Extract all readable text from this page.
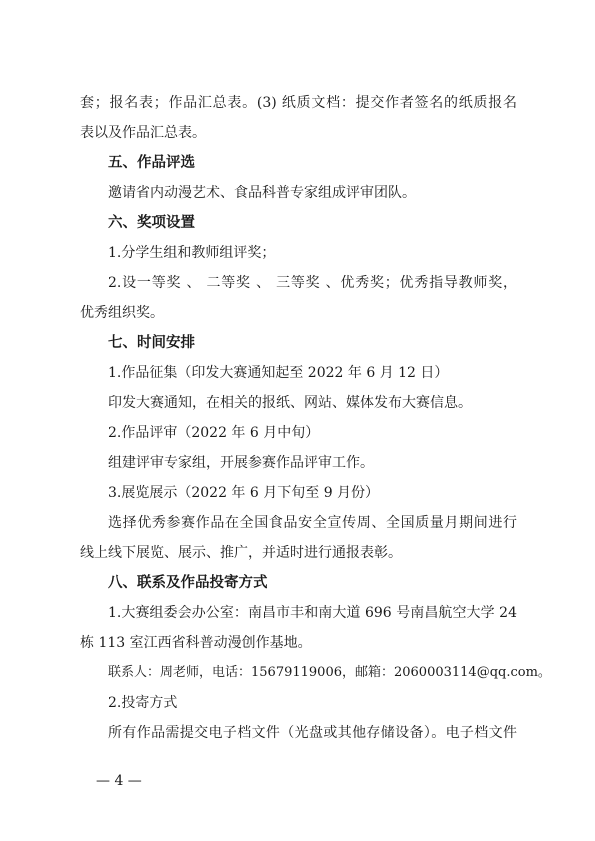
套；报名表；作品汇总表。(3) 纸质文档：提交作者签名的纸质报名
表以及作品汇总表。
五、作品评选
邀请省内动漫艺术、食品科普专家组成评审团队。
六、奖项设置
1.分学生组和教师组评奖；
2.设一等奖 、 二等奖 、 三等奖 、优秀奖；优秀指导教师奖，
优秀组织奖。
七、时间安排
1.作品征集（印发大赛通知起至 2022 年 6 月 12 日）
印发大赛通知，在相关的报纸、网站、媒体发布大赛信息。
2.作品评审（2022 年 6 月中旬）
组建评审专家组，开展参赛作品评审工作。
3.展览展示（2022 年 6 月下旬至 9 月份）
选择优秀参赛作品在全国食品安全宣传周、全国质量月期间进行
线上线下展览、展示、推广，并适时进行通报表彰。
八、联系及作品投寄方式
1.大赛组委会办公室：南昌市丰和南大道 696 号南昌航空大学 24
栋 113 室江西省科普动漫创作基地。
联系人：周老师，电话：15679119006，邮箱：2060003114@qq.com。
2.投寄方式
所有作品需提交电子档文件（光盘或其他存储设备）。电子档文件
— 4 —
